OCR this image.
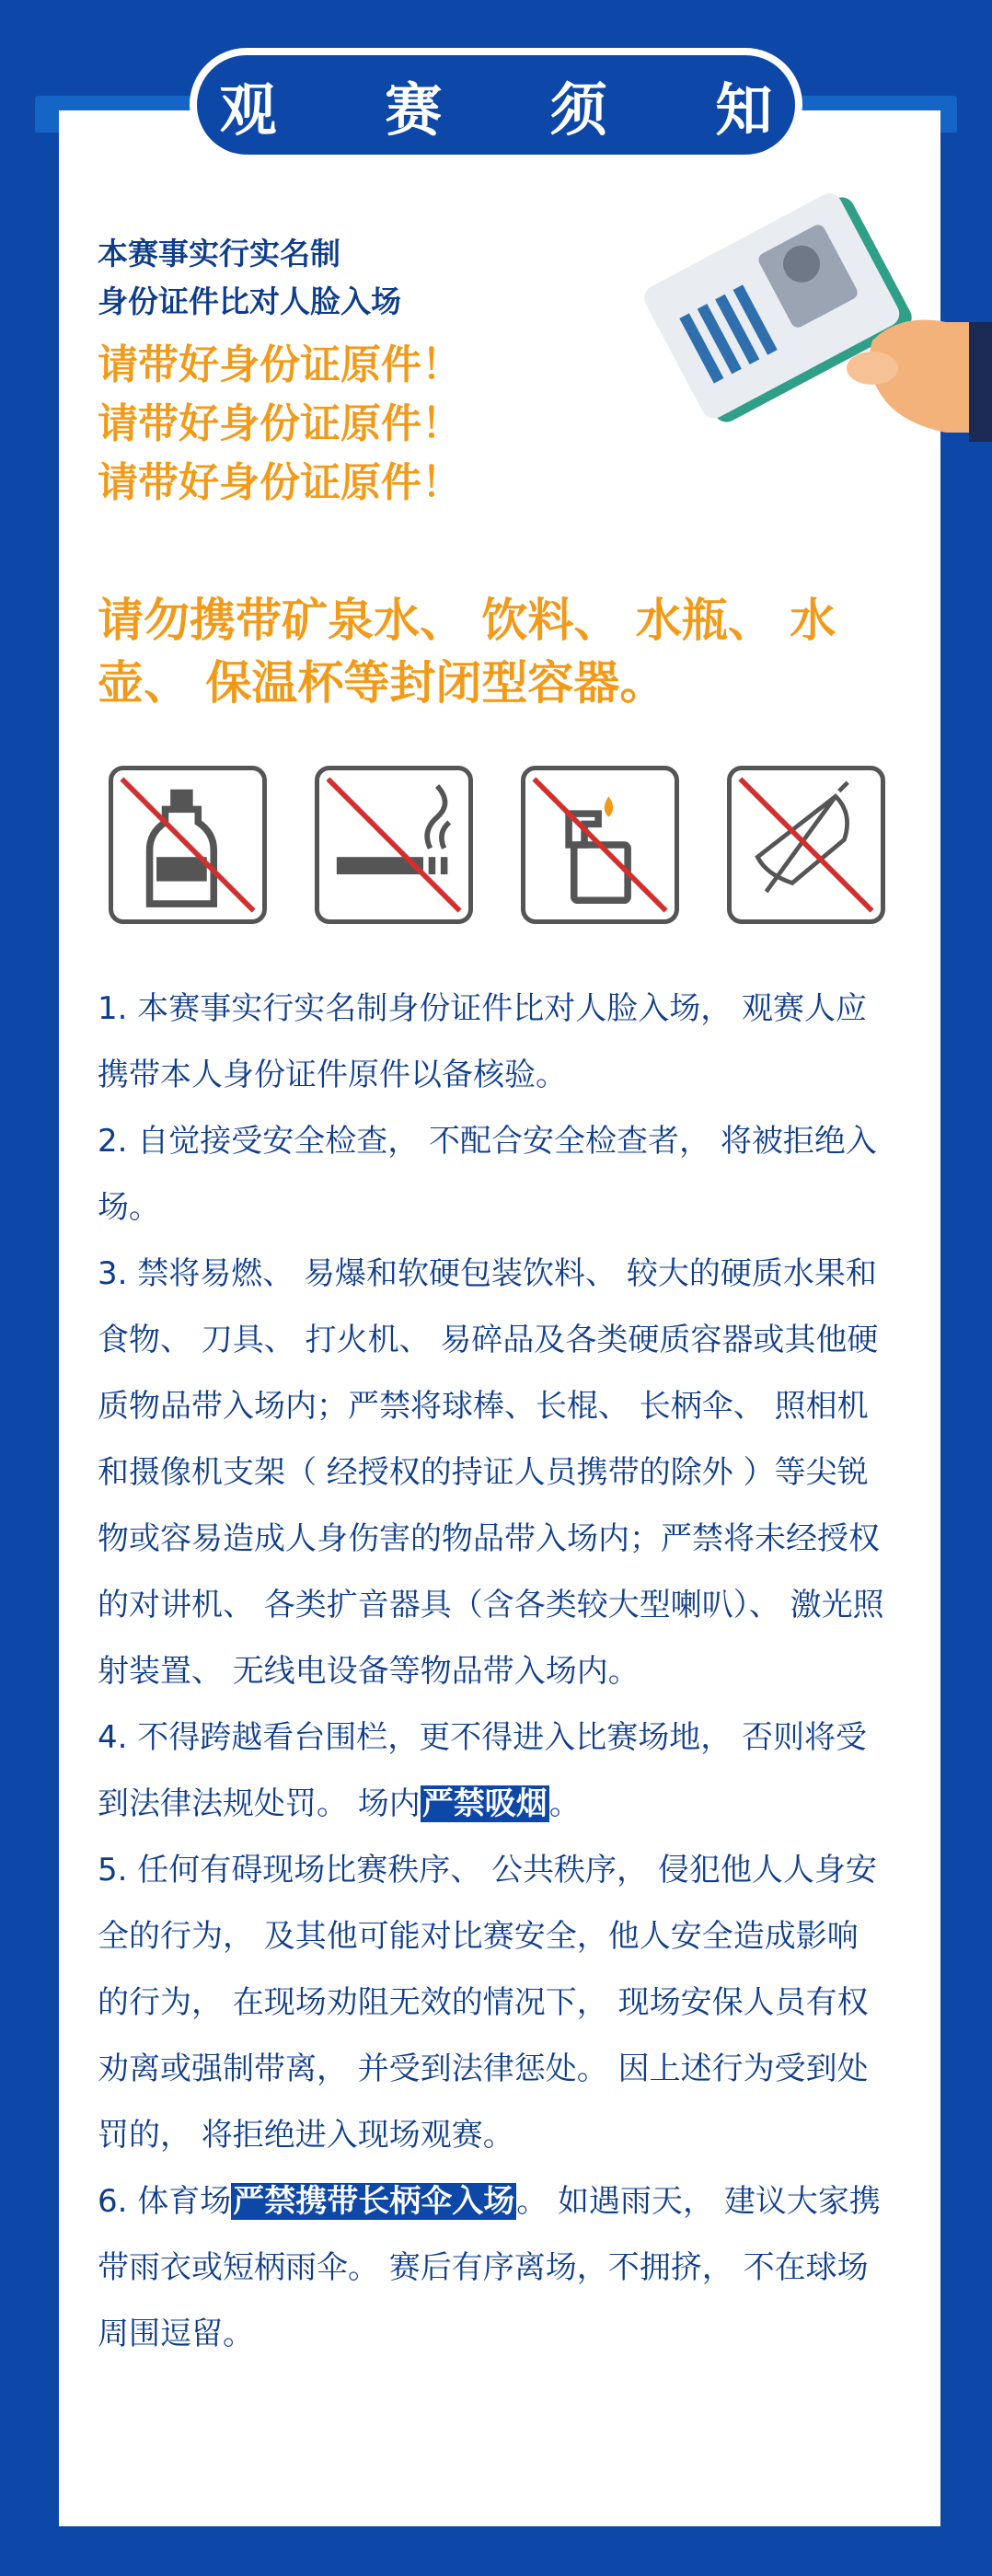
观 赛 须 知
本赛事实行实名制
身份证件比对人脸入场
请带好身份证原件！
请带好身份证原件！
请带好身份证原件！
请勿携带矿泉水、 饮料、 水瓶、 水壶、 保温杯等封闭型容器。

1. 本赛事实行实名制身份证件比对人脸入场， 观赛人应携带本人身份证件原件以备核验。

2. 自觉接受安全检查， 不配合安全检查者， 将被拒绝入场。

3. 禁将易燃、 易爆和软硬包装饮料、 较大的硬质水果和食物、 刀具、 打火机、 易碎品及各类硬质容器或其他硬质物品带入场内；严禁将球棒、长棍、 长柄伞、 照相机和摄像机支架（ 经授权的持证人员携带的除外 ）等尖锐物或容易造成人身伤害的物品带入场内；严禁将未经授权的对讲机、 各类扩音器具（含各类较大型喇叭）、 激光照射装置、 无线电设备等物品带入场内。

4. 不得跨越看台围栏，更不得进入比赛场地， 否则将受到法律法规处罚。 场内严禁吸烟。

5. 任何有碍现场比赛秩序、 公共秩序， 侵犯他人人身安全的行为， 及其他可能对比赛安全，他人安全造成影响的行为， 在现场劝阻无效的情况下， 现场安保人员有权劝离或强制带离， 并受到法律惩处。 因上述行为受到处罚的， 将拒绝进入现场观赛。

6. 体育场严禁携带长柄伞入场。 如遇雨天， 建议大家携带雨衣或短柄雨伞。 赛后有序离场，不拥挤， 不在球场周围逗留。
